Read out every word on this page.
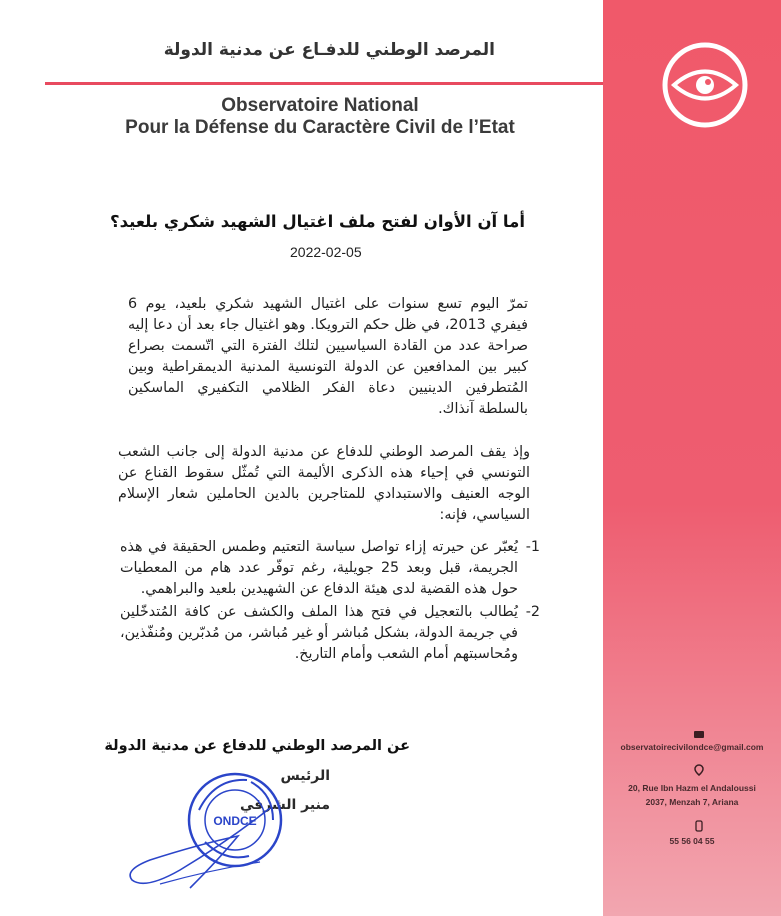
المرصد الوطني للدفـاع عن مدنية الدولة
Observatoire National
Pour la Défense du Caractère Civil de l’Etat
أما آن الأوان لفتح ملف اغتيال الشهيد شكري بلعيد؟
2022-02-05
تمرّ اليوم تسع سنوات على اغتيال الشهيد شكري بلعيد، يوم 6 فيفري 2013، في ظل حكم الترويكا. وهو اغتيال جاء بعد أن دعا إليه صراحة عدد من القادة السياسيين لتلك الفترة التي اتّسمت بصراع كبير بين المدافعين عن الدولة التونسية المدنية الديمقراطية وبين المُتطرفين الدينيين دعاة الفكر الظلامي التكفيري الماسكين بالسلطة آنذاك.
وإذ يقف المرصد الوطني للدفاع عن مدنية الدولة إلى جانب الشعب التونسي في إحياء هذه الذكرى الأليمة التي تُمثّل سقوط القناع عن الوجه العنيف والاستبدادي للمتاجرين بالدين الحاملين شعار الإسلام السياسي، فإنه:
1-
يُعبّر عن حيرته إزاء تواصل سياسة التعتيم وطمس الحقيقة في هذه الجريمة، قبل وبعد 25 جويلية، رغم توفّر عدد هام من المعطيات حول هذه القضية لدى هيئة الدفاع عن الشهيدين بلعيد والبراهمي.
2-
يُطالب بالتعجيل في فتح هذا الملف والكشف عن كافة المُتدخّلين في جريمة الدولة، بشكل مُباشر أو غير مُباشر، من مُدبّرين ومُنفّذين، ومُحاسبتهم أمام الشعب وأمام التاريخ.
عن المرصد الوطني للدفاع عن مدنية الدولة
الرئيس
منير الشرفي
ONDCE
observatoirecivilondce@gmail.com
20, Rue Ibn Hazm el Andaloussi
2037, Menzah 7, Ariana
55 56 04 55
